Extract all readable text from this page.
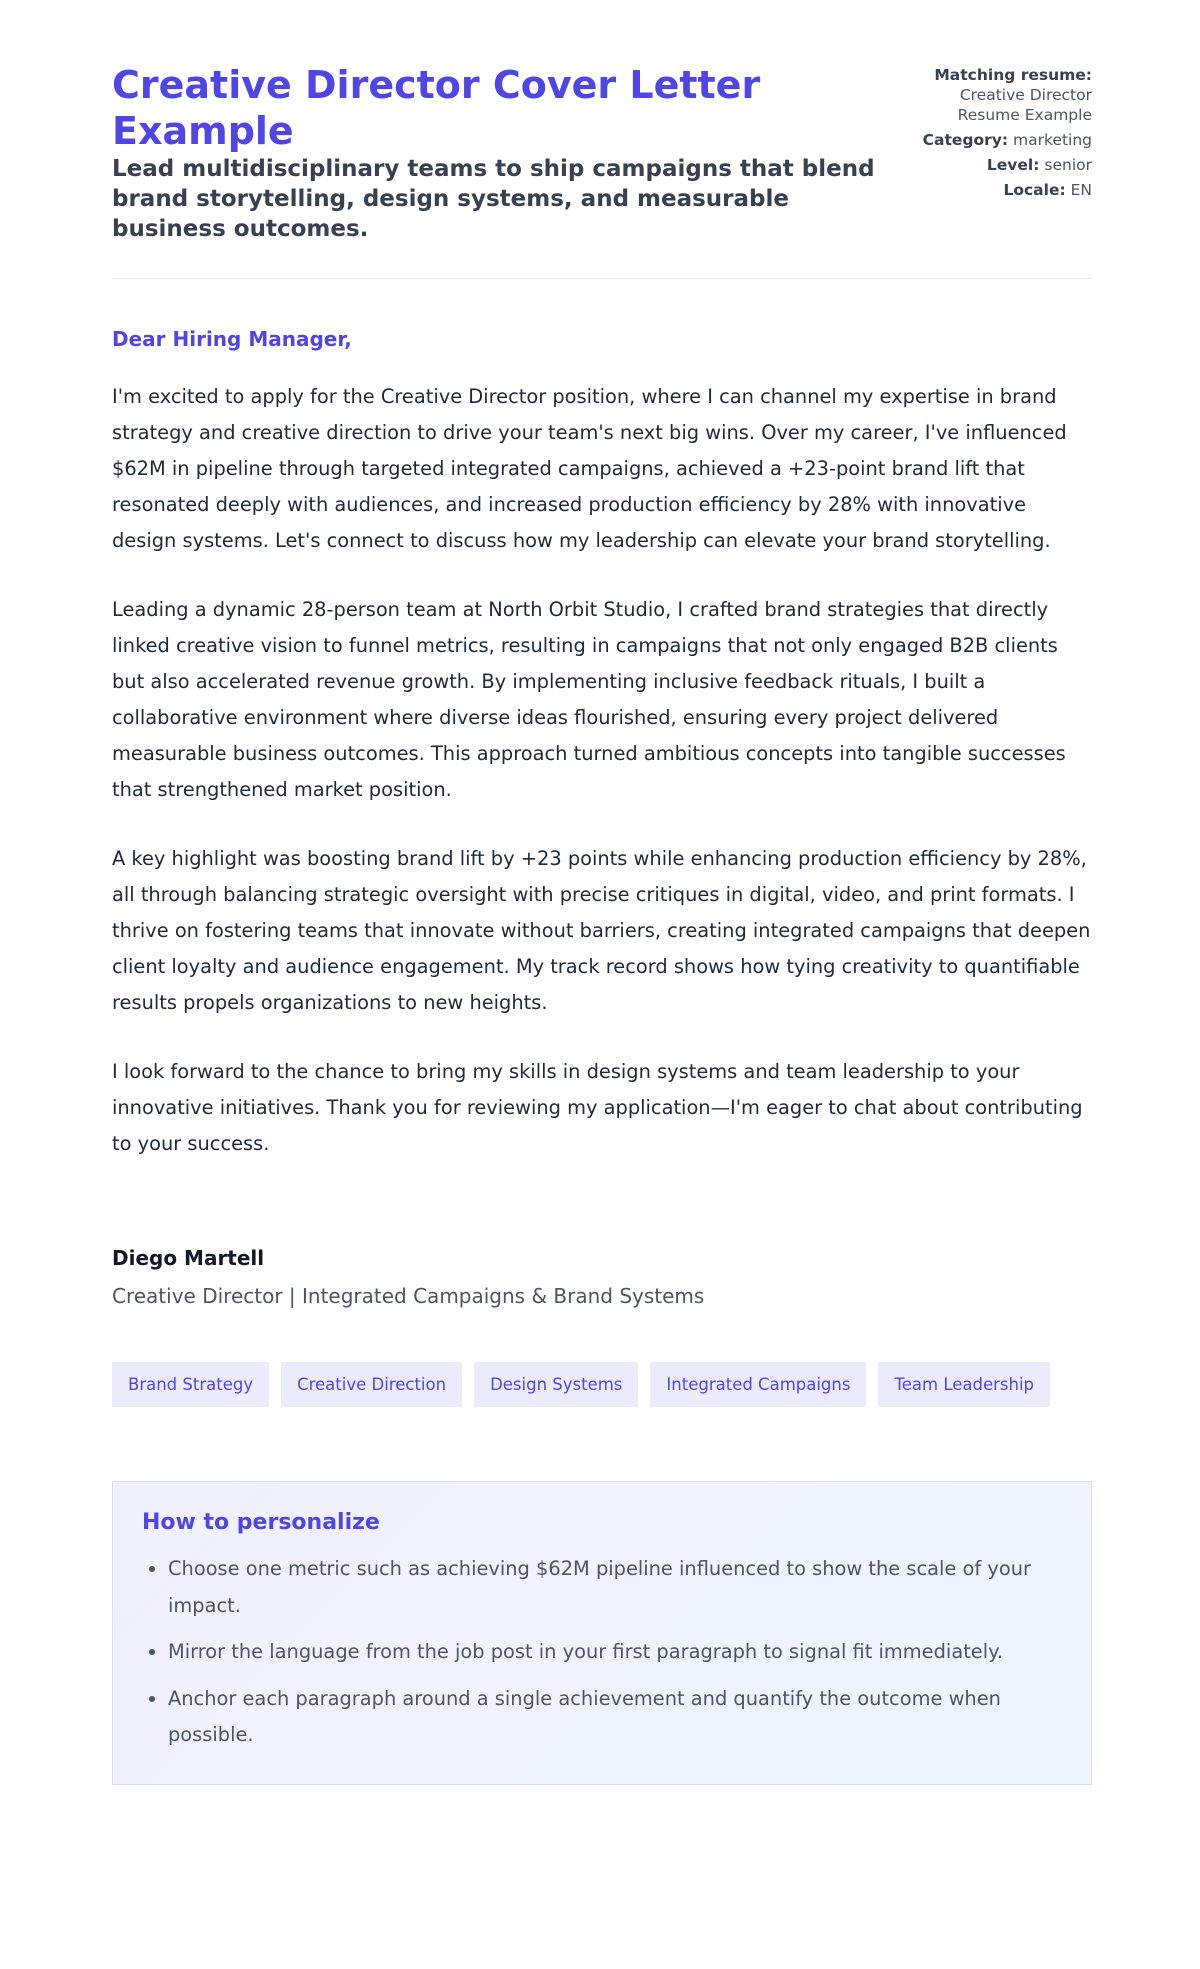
Creative Director Cover Letter Example

Lead multidisciplinary teams to ship campaigns that blend brand storytelling, design systems, and measurable business outcomes.

Matching resume:
Creative Director
Resume Example
Category: marketing
Level: senior
Locale: EN
Dear Hiring Manager,

I'm excited to apply for the Creative Director position, where I can channel my expertise in brand strategy and creative direction to drive your team's next big wins. Over my career, I've influenced $62M in pipeline through targeted integrated campaigns, achieved a +23-point brand lift that resonated deeply with audiences, and increased production efficiency by 28% with innovative design systems. Let's connect to discuss how my leadership can elevate your brand storytelling.

Leading a dynamic 28-person team at North Orbit Studio, I crafted brand strategies that directly linked creative vision to funnel metrics, resulting in campaigns that not only engaged B2B clients but also accelerated revenue growth. By implementing inclusive feedback rituals, I built a collaborative environment where diverse ideas flourished, ensuring every project delivered measurable business outcomes. This approach turned ambitious concepts into tangible successes that strengthened market position.

A key highlight was boosting brand lift by +23 points while enhancing production efficiency by 28%, all through balancing strategic oversight with precise critiques in digital, video, and print formats. I thrive on fostering teams that innovate without barriers, creating integrated campaigns that deepen client loyalty and audience engagement. My track record shows how tying creativity to quantifiable results propels organizations to new heights.

I look forward to the chance to bring my skills in design systems and team leadership to your innovative initiatives. Thank you for reviewing my application—I'm eager to chat about contributing to your success.

Diego Martell
Creative Director | Integrated Campaigns & Brand Systems
Brand Strategy	Creative Direction	Design Systems	Integrated Campaigns	Team Leadership
How to personalize
• Choose one metric such as achieving $62M pipeline influenced to show the scale of your impact.
• Mirror the language from the job post in your first paragraph to signal fit immediately.
• Anchor each paragraph around a single achievement and quantify the outcome when possible.
